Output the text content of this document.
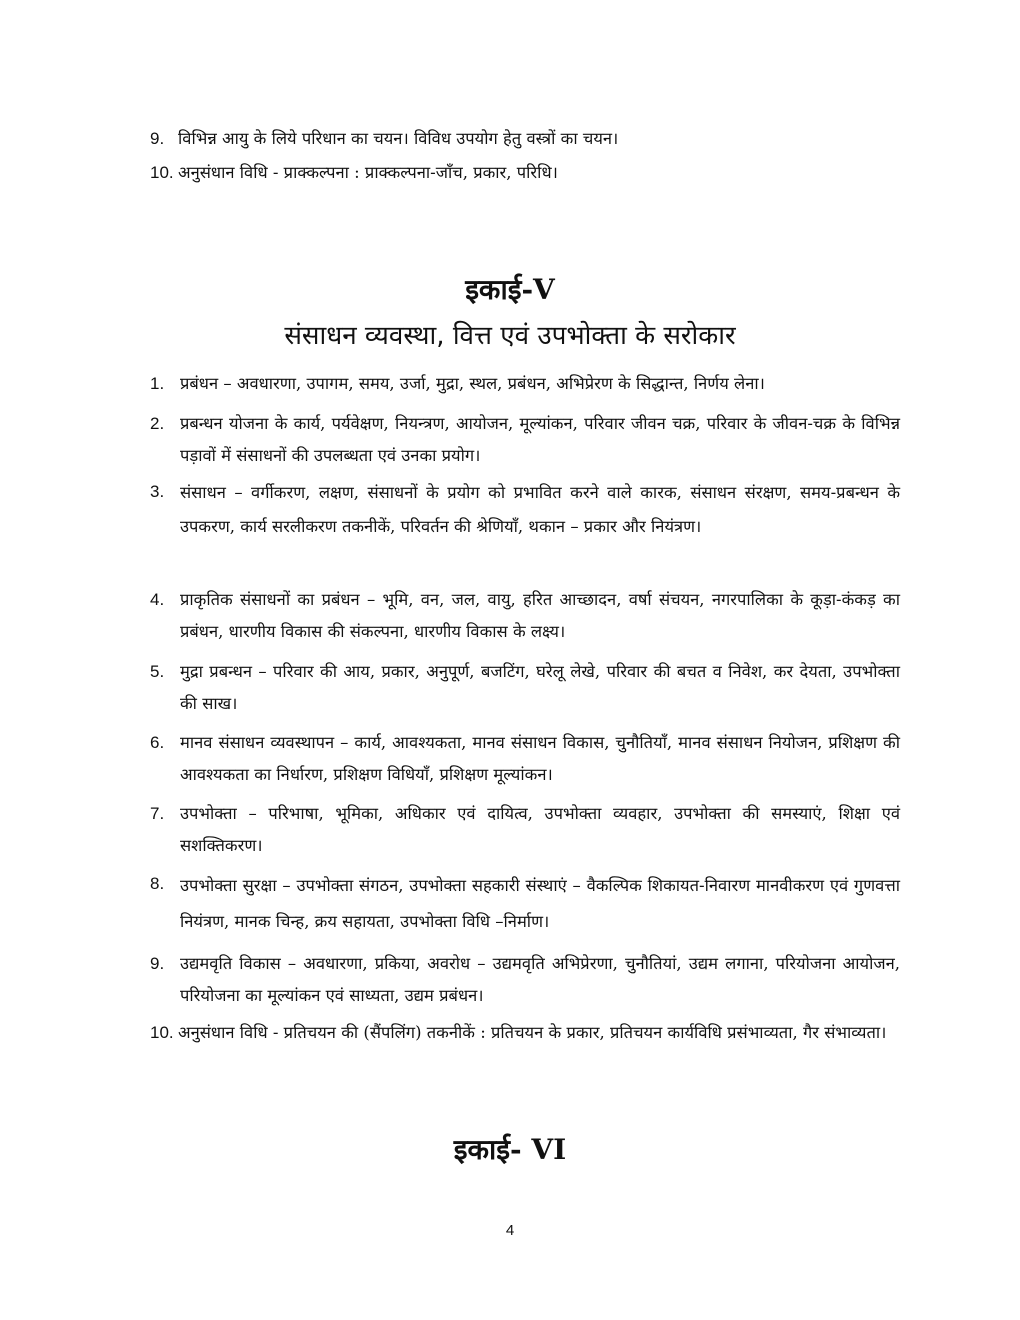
9. विभिन्न आयु के लिये परिधान का चयन। विविध उपयोग हेतु वस्त्रों का चयन।
10. अनुसंधान विधि - प्राक्कल्पना : प्राक्कल्पना-जाँच, प्रकार, परिधि।
इकाई-V
संसाधन व्यवस्था, वित्त एवं उपभोक्ता के सरोकार
1. प्रबंधन – अवधारणा, उपागम, समय, उर्जा, मुद्रा, स्थल, प्रबंधन, अभिप्रेरण के सिद्धान्त, निर्णय लेना।
2. प्रबन्धन योजना के कार्य, पर्यवेक्षण, नियन्त्रण, आयोजन, मूल्यांकन, परिवार जीवन चक्र, परिवार के जीवन-चक्र के विभिन्न पड़ावों में संसाधनों की उपलब्धता एवं उनका प्रयोग।
3. संसाधन – वर्गीकरण, लक्षण, संसाधनों के प्रयोग को प्रभावित करने वाले कारक, संसाधन संरक्षण, समय-प्रबन्धन के उपकरण, कार्य सरलीकरण तकनीकें, परिवर्तन की श्रेणियाँ, थकान – प्रकार और नियंत्रण।
4. प्राकृतिक संसाधनों का प्रबंधन – भूमि, वन, जल, वायु, हरित आच्छादन, वर्षा संचयन, नगरपालिका के कूड़ा-कंकड़ का प्रबंधन, धारणीय विकास की संकल्पना, धारणीय विकास के लक्ष्य।
5. मुद्रा प्रबन्धन – परिवार की आय, प्रकार, अनुपूर्ण, बजटिंग, घरेलू लेखे, परिवार की बचत व निवेश, कर देयता, उपभोक्ता की साख।
6. मानव संसाधन व्यवस्थापन – कार्य, आवश्यकता, मानव संसाधन विकास, चुनौतियाँ, मानव संसाधन नियोजन, प्रशिक्षण की आवश्यकता का निर्धारण, प्रशिक्षण विधियाँ, प्रशिक्षण मूल्यांकन।
7. उपभोक्ता – परिभाषा, भूमिका, अधिकार एवं दायित्व, उपभोक्ता व्यवहार, उपभोक्ता की समस्याएं, शिक्षा एवं सशक्तिकरण।
8. उपभोक्ता सुरक्षा – उपभोक्ता संगठन, उपभोक्ता सहकारी संस्थाएं – वैकल्पिक शिकायत-निवारण मानवीकरण एवं गुणवत्ता नियंत्रण, मानक चिन्ह, क्रय सहायता, उपभोक्ता विधि –निर्माण।
9. उद्यमवृति विकास – अवधारणा, प्रकिया, अवरोध – उद्यमवृति अभिप्रेरणा, चुनौतियां, उद्यम लगाना, परियोजना आयोजन, परियोजना का मूल्यांकन एवं साध्यता, उद्यम प्रबंधन।
10. अनुसंधान विधि - प्रतिचयन की (सैंपलिंग) तकनीकें : प्रतिचयन के प्रकार, प्रतिचयन कार्यविधि प्रसंभाव्यता, गैर संभाव्यता।
इकाई- VI
4
